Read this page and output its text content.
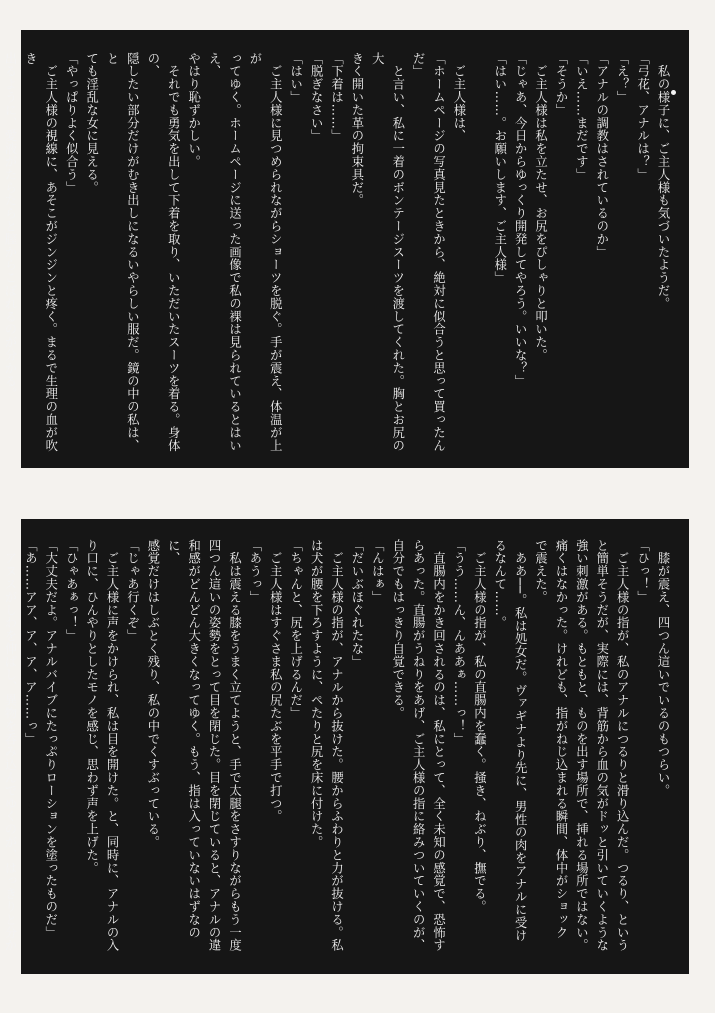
　私の様子に、ご主人様も気づいたようだ。
「弓花、アナルは？」
「え？」
「アナルの調教はされているのか」
「いえ……まだです」
「そうか」
　ご主人様は私を立たせ、お尻をぴしゃりと叩いた。
「じゃあ、今日からゆっくり開発してやろう。いいな？」
「はい……。お願いします、ご主人様」

　ご主人様は、
「ホームページの写真見たときから、絶対に似合うと思って買ったんだ」
　と言い、私に一着のボンテージスーツを渡してくれた。胸とお尻の大
きく開いた革の拘束具だ。
「下着は……」
「脱ぎなさい」
「はい」
　ご主人様に見つめられながらショーツを脱ぐ。手が震え、体温が上が
ってゆく。ホームページに送った画像で私の裸は見られているとはいえ、
やはり恥ずかしい。
　それでも勇気を出して下着を取り、いただいたスーツを着る。身体の、
隠したい部分だけがむき出しになるいやらしい服だ。鏡の中の私は、と
ても淫乱な女に見える。
「やっぱりよく似合う」
　ご主人様の視線に、あそこがジンジンと疼く。まるで生理の血が吹き
出るように、愛液がたらたらと膣からこぼれるのが分かる。
　膝が震え、四つん這いでいるのもつらい。
「ひっ！」
　ご主人様の指が、私のアナルにつるりと滑り込んだ。つるり、という
と簡単そうだが、実際には、背筋から血の気がドッと引いていくような
強い刺激がある。もともと、ものを出す場所で、挿れる場所ではない。
痛くはなかった。けれども、指がねじ込まれる瞬間、体中がショック
で震えた。
　ああ──。私は処女だ。ヴァギナより先に、男性の肉をアナルに受け
るなんて……。
　ご主人様の指が、私の直腸内を蠢く。掻き、ねぶり、撫でる。
「うう……ん、んああぁ……っ！」
　直腸内をかき回されるのは、私にとって、全く未知の感覚で、恐怖す
らあった。直腸がうねりをあげ、ご主人様の指に絡みついていくのが、
自分でもはっきり自覚できる。
「んはぁ」
「だいぶほぐれたな」
　ご主人様の指が、アナルから抜けた。腰からふわりと力が抜ける。私
は犬が腰を下ろすように、ぺたりと尻を床に付けた。
「ちゃんと、尻を上げるんだ」
　ご主人様はすぐさま私の尻たぶを平手で打つ。
「あうっ」
　私は震える膝をうまく立てようと、手で太腿をさすりながらもう一度
四つん這いの姿勢をとって目を閉じた。目を閉じていると、アナルの違
和感がどんどん大きくなってゆく。もう、指は入っていないはずなのに、
感覚だけはしぶとく残り、私の中でくすぶっている。
「じゃあ行くぞ」
　ご主人様に声をかけられ、私は目を開けた。と、同時に、アナルの入
り口に、ひんやりとしたモノを感じ、思わず声を上げた。
「ひゃあぁっ！」
「大丈夫だよ。アナルバイブにたっぷりローションを塗ったものだ」
「あ……アア、ア、ア、ア……っ」
　アヌスがしわを伸ばし、異物を呑み込んでゆくのが、はっきりと分か
